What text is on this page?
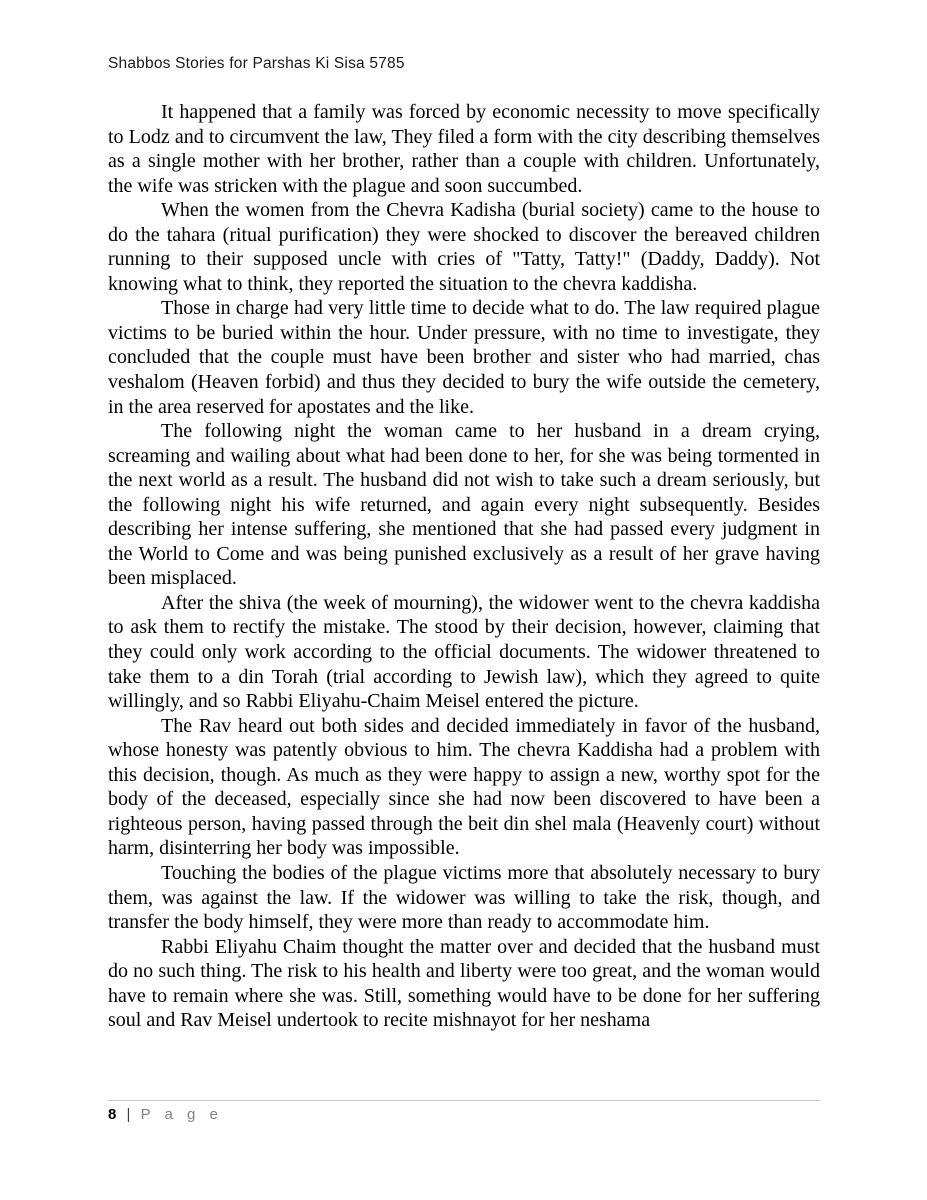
Shabbos Stories for Parshas Ki Sisa 5785

It happened that a family was forced by economic necessity to move specifically to Lodz and to circumvent the law, They filed a form with the city describing themselves as a single mother with her brother, rather than a couple with children. Unfortunately, the wife was stricken with the plague and soon succumbed.

When the women from the Chevra Kadisha (burial society) came to the house to do the tahara (ritual purification) they were shocked to discover the bereaved children running to their supposed uncle with cries of "Tatty, Tatty!" (Daddy, Daddy). Not knowing what to think, they reported the situation to the chevra kaddisha.

Those in charge had very little time to decide what to do. The law required plague victims to be buried within the hour. Under pressure, with no time to investigate, they concluded that the couple must have been brother and sister who had married, chas veshalom (Heaven forbid) and thus they decided to bury the wife outside the cemetery, in the area reserved for apostates and the like.

The following night the woman came to her husband in a dream crying, screaming and wailing about what had been done to her, for she was being tormented in the next world as a result. The husband did not wish to take such a dream seriously, but the following night his wife returned, and again every night subsequently. Besides describing her intense suffering, she mentioned that she had passed every judgment in the World to Come and was being punished exclusively as a result of her grave having been misplaced.

After the shiva (the week of mourning), the widower went to the chevra kaddisha to ask them to rectify the mistake. The stood by their decision, however, claiming that they could only work according to the official documents. The widower threatened to take them to a din Torah (trial according to Jewish law), which they agreed to quite willingly, and so Rabbi Eliyahu-Chaim Meisel entered the picture.

The Rav heard out both sides and decided immediately in favor of the husband, whose honesty was patently obvious to him. The chevra Kaddisha had a problem with this decision, though. As much as they were happy to assign a new, worthy spot for the body of the deceased, especially since she had now been discovered to have been a righteous person, having passed through the beit din shel mala (Heavenly court) without harm, disinterring her body was impossible.

Touching the bodies of the plague victims more that absolutely necessary to bury them, was against the law. If the widower was willing to take the risk, though, and transfer the body himself, they were more than ready to accommodate him.

Rabbi Eliyahu Chaim thought the matter over and decided that the husband must do no such thing. The risk to his health and liberty were too great, and the woman would have to remain where she was. Still, something would have to be done for her suffering soul and Rav Meisel undertook to recite mishnayot for her neshama

8 | P a g e
